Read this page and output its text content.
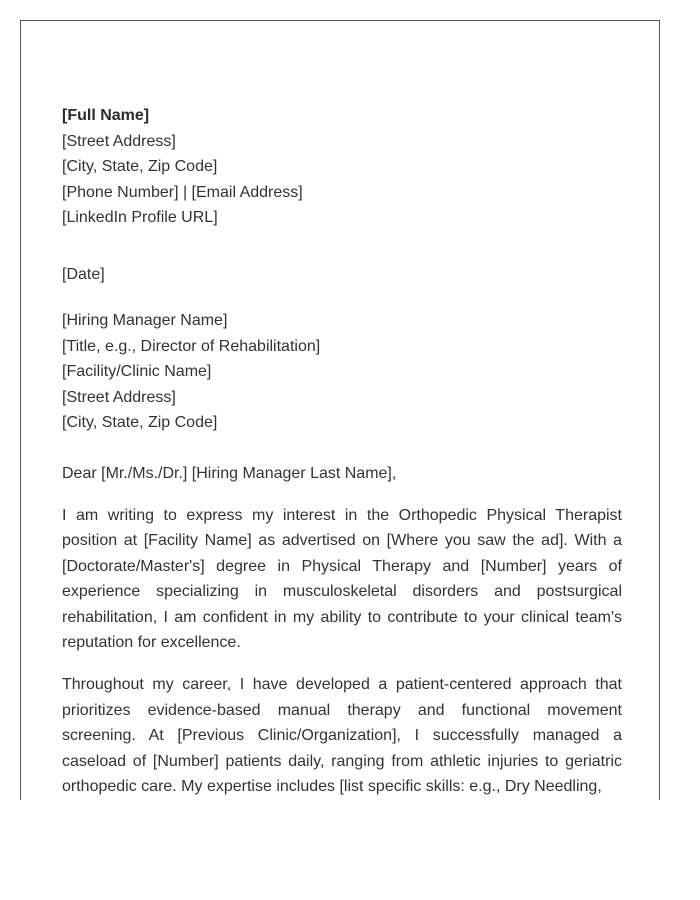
[Full Name]
[Street Address]
[City, State, Zip Code]
[Phone Number] | [Email Address]
[LinkedIn Profile URL]
[Date]
[Hiring Manager Name]
[Title, e.g., Director of Rehabilitation]
[Facility/Clinic Name]
[Street Address]
[City, State, Zip Code]
Dear [Mr./Ms./Dr.] [Hiring Manager Last Name],

I am writing to express my interest in the Orthopedic Physical Therapist position at [Facility Name] as advertised on [Where you saw the ad]. With a [Doctorate/Master's] degree in Physical Therapy and [Number] years of experience specializing in musculoskeletal disorders and postsurgical rehabilitation, I am confident in my ability to contribute to your clinical team's reputation for excellence.

Throughout my career, I have developed a patient-centered approach that prioritizes evidence-based manual therapy and functional movement screening. At [Previous Clinic/Organization], I successfully managed a caseload of [Number] patients daily, ranging from athletic injuries to geriatric orthopedic care. My expertise includes [list specific skills: e.g., Dry Needling,
